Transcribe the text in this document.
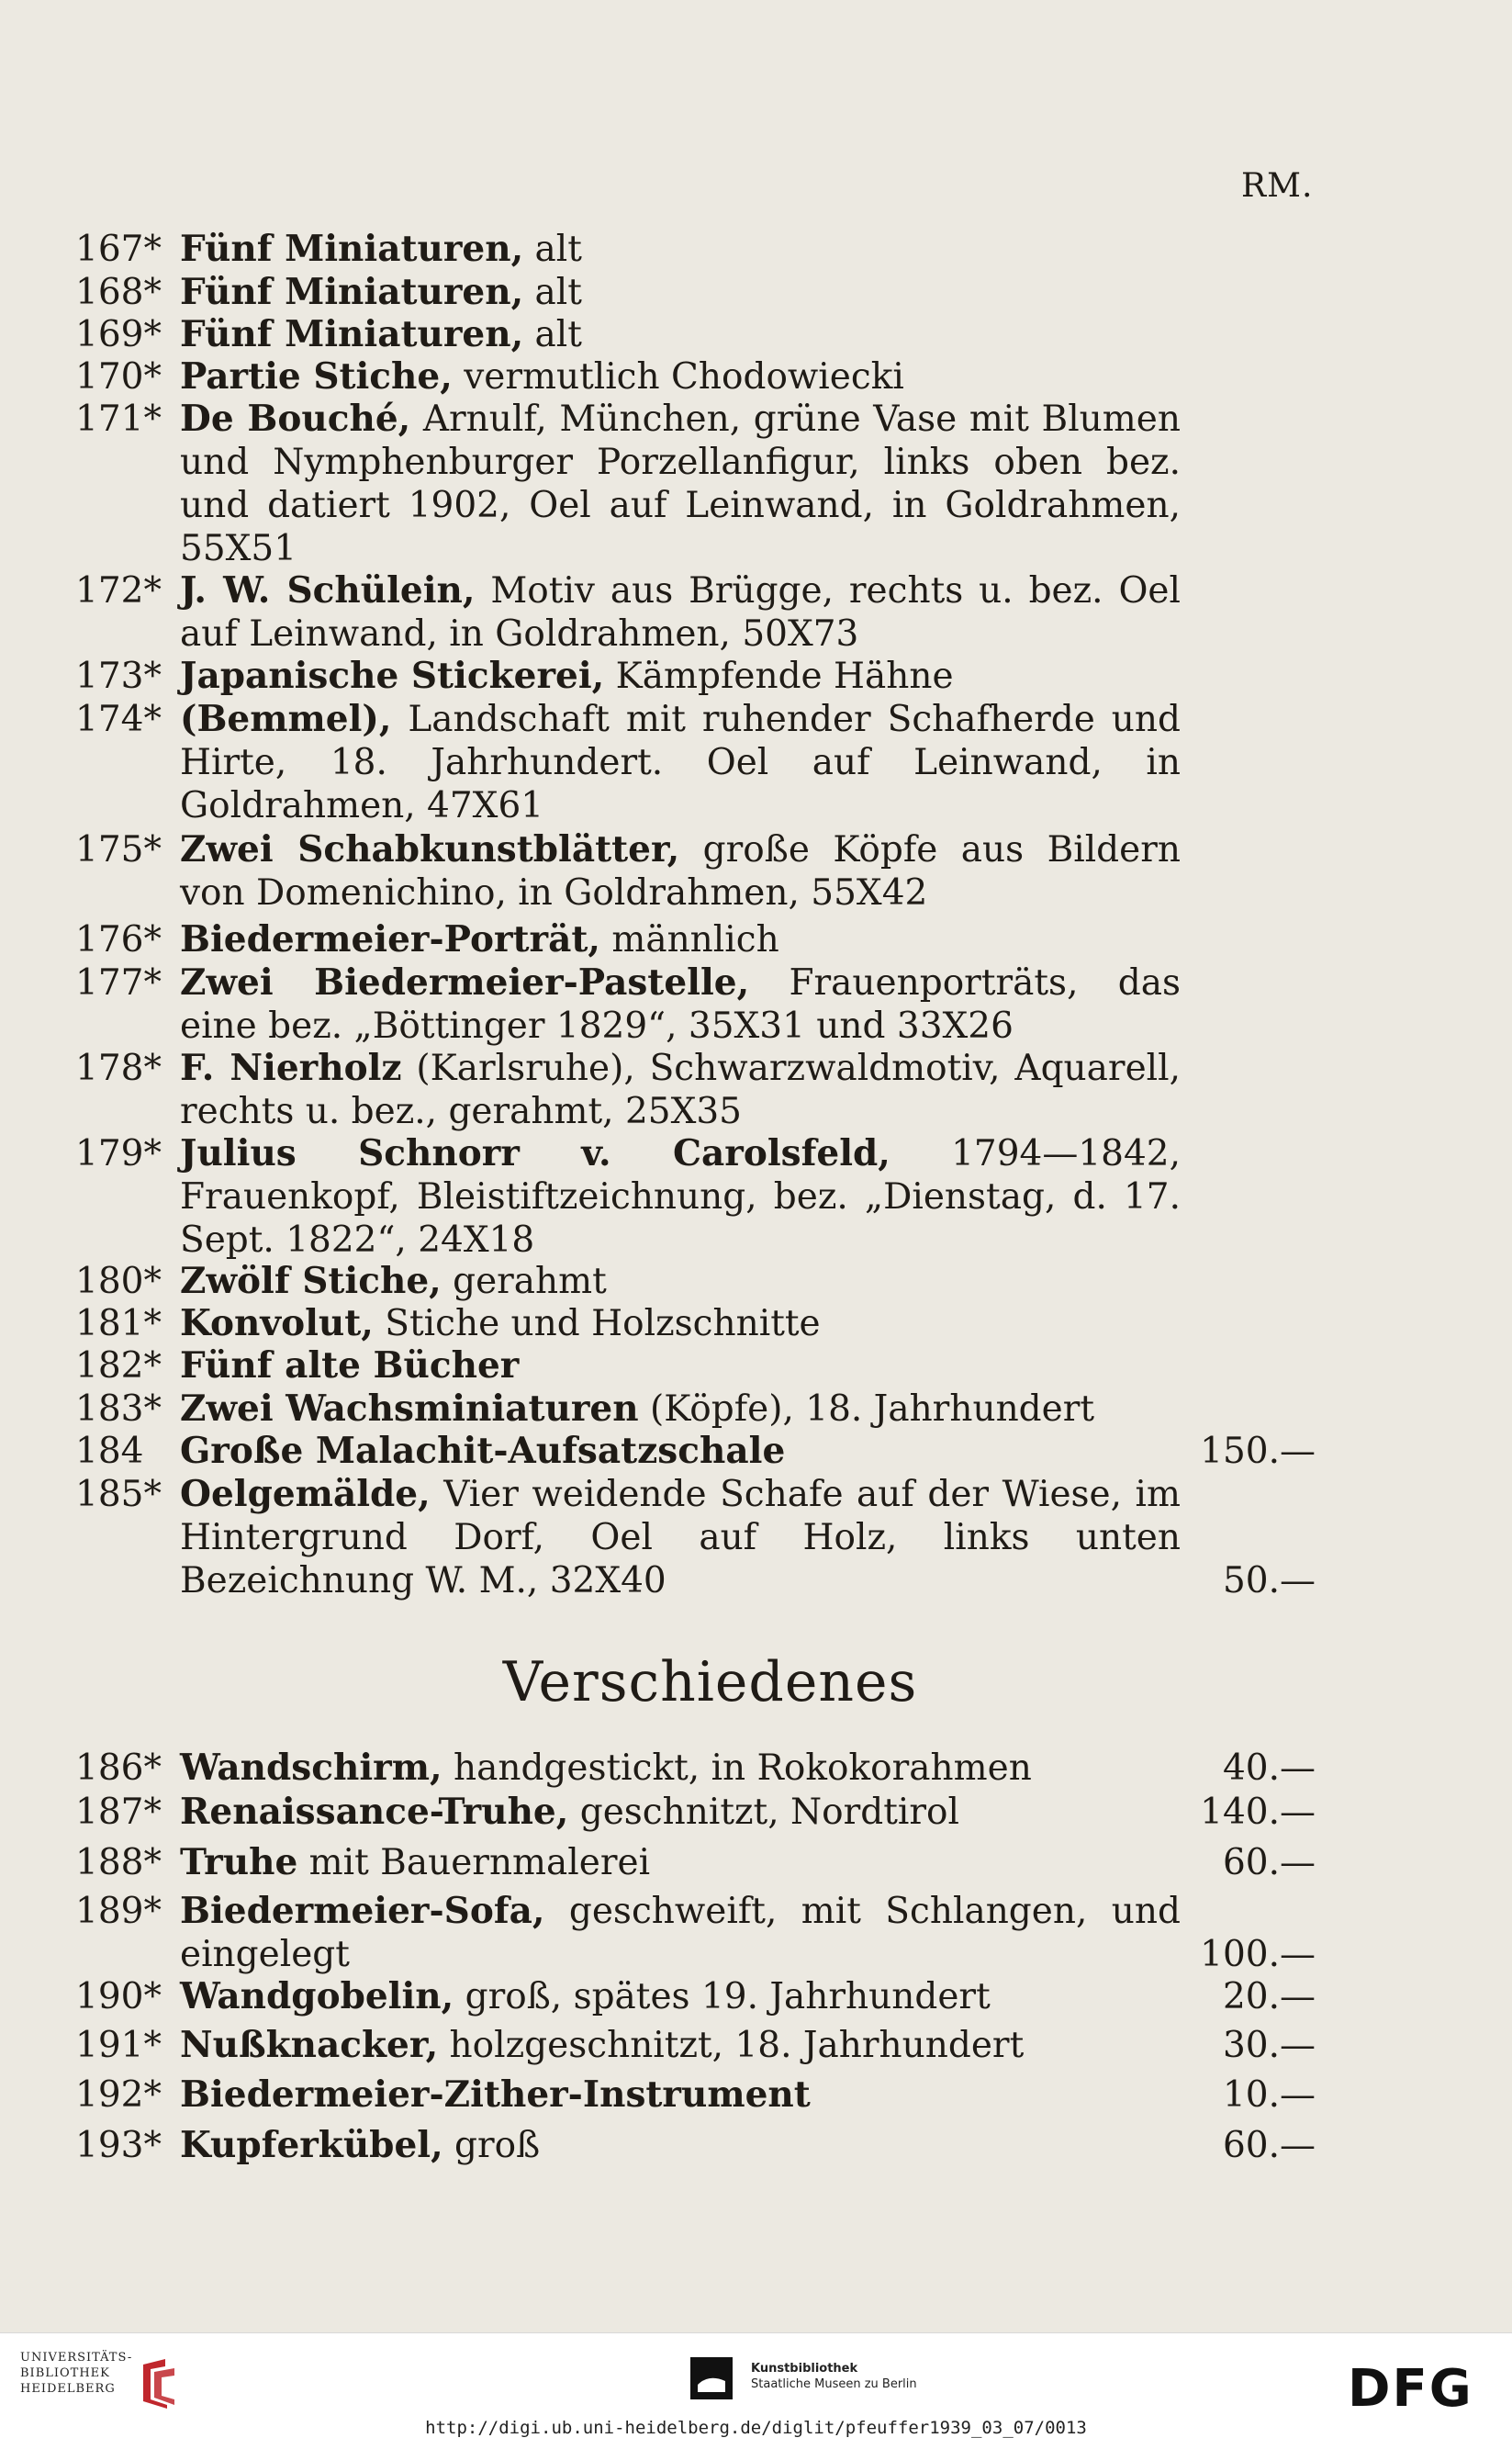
RM.
167* Fünf Miniaturen, alt
168* Fünf Miniaturen, alt
169* Fünf Miniaturen, alt
170* Partie Stiche, vermutlich Chodowiecki
171* De Bouché, Arnulf, München, grüne Vase mit Blumen und Nymphenburger Porzellanfigur, links oben bez. und datiert 1902, Oel auf Leinwand, in Goldrahmen, 55X51
172* J. W. Schülein, Motiv aus Brügge, rechts u. bez. Oel auf Leinwand, in Goldrahmen, 50X73
173* Japanische Stickerei, Kämpfende Hähne
174* (Bemmel), Landschaft mit ruhender Schafherde und Hirte, 18. Jahrhundert. Oel auf Leinwand, in Goldrahmen, 47X61
175* Zwei Schabkunstblätter, große Köpfe aus Bildern von Domenichino, in Goldrahmen, 55X42
176* Biedermeier-Porträt, männlich
177* Zwei Biedermeier-Pastelle, Frauenporträts, das eine bez. „Böttinger 1829“, 35X31 und 33X26
178* F. Nierholz (Karlsruhe), Schwarzwaldmotiv, Aquarell, rechts u. bez., gerahmt, 25X35
179* Julius Schnorr v. Carolsfeld, 1794—1842, Frauenkopf, Bleistiftzeichnung, bez. „Dienstag, d. 17. Sept. 1822“, 24X18
180* Zwölf Stiche, gerahmt
181* Konvolut, Stiche und Holzschnitte
182* Fünf alte Bücher
183* Zwei Wachsminiaturen (Köpfe), 18. Jahrhundert
184	Große Malachit-Aufsatzschale	150.—
185* Oelgemälde, Vier weidende Schafe auf der Wiese, im Hintergrund Dorf, Oel auf Holz, links unten Bezeichnung W. M., 32X40	50.—
Verschiedenes
186* Wandschirm, handgestickt, in Rokokorahmen	40.—
187* Renaissance-Truhe, geschnitzt, Nordtirol	140.—
188* Truhe mit Bauernmalerei	60.—
189* Biedermeier-Sofa, geschweift, mit Schlangen, und eingelegt	100.—
190* Wandgobelin, groß, spätes 19. Jahrhundert	20.—
191* Nußknacker, holzgeschnitzt, 18. Jahrhundert	30.—
192* Biedermeier-Zither-Instrument	10.—
193* Kupferkübel, groß	60.—
UNIVERSITÄTS-
BIBLIOTHEK
HEIDELBERG
Kunstbibliothek
Staatliche Museen zu Berlin	DFG
http://digi.ub.uni-heidelberg.de/diglit/pfeuffer1939_03_07/0013
